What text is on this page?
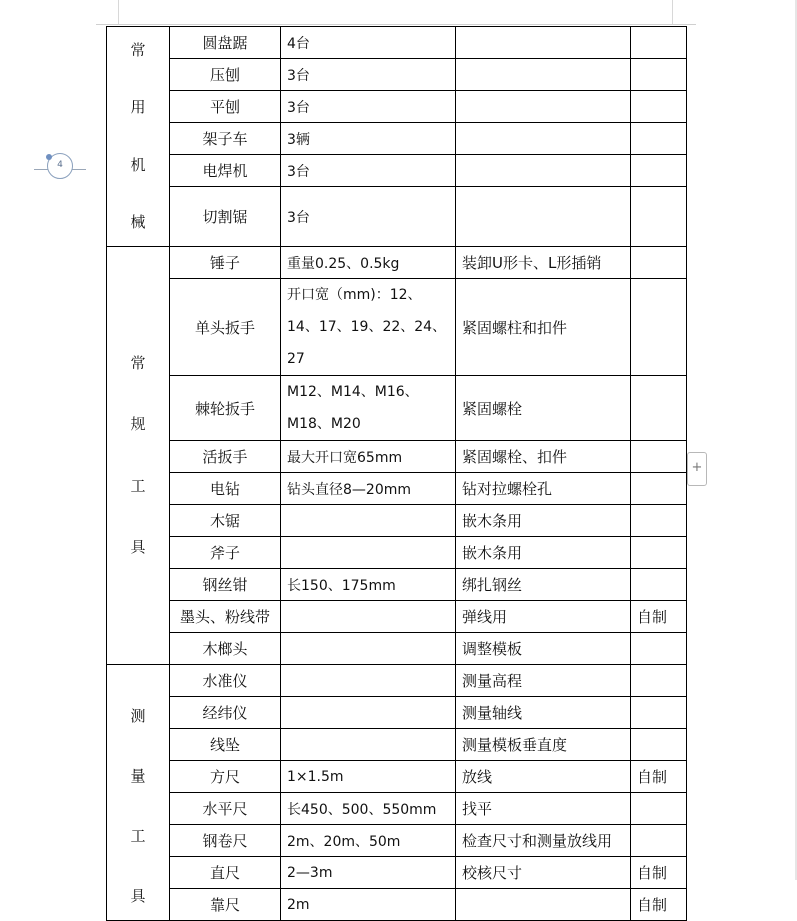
4
常
用
机
械	圆盘踞	4台		
	压刨	3台		
	平刨	3台		
	架子车	3辆		
	电焊机	3台		
	切割锯	3台		

常
规
工
具	锤子	重量0.25、0.5kg	装卸U形卡、L形插销	
	单头扳手	开口宽（mm)：12、14、17、19、22、24、27	紧固螺柱和扣件	
	棘轮扳手	M12、M14、M16、M18、M20	紧固螺栓	
	活扳手	最大开口宽65mm	紧固螺栓、扣件	
	电钻	钻头直径8—20mm	钻对拉螺栓孔	
	木锯		嵌木条用	
	斧子		嵌木条用	
	钢丝钳	长150、175mm	绑扎钢丝	
	墨头、粉线带		弹线用	自制
	木榔头		调整模板	

测
量
工
具	水准仪		测量高程	
	经纬仪		测量轴线	
	线坠		测量模板垂直度	
	方尺	1×1.5m	放线	自制
	水平尺	长450、500、550mm	找平	
	钢卷尺	2m、20m、50m	检查尺寸和测量放线用	
	直尺	2—3m	校核尺寸	自制
	靠尺	2m		自制
+
